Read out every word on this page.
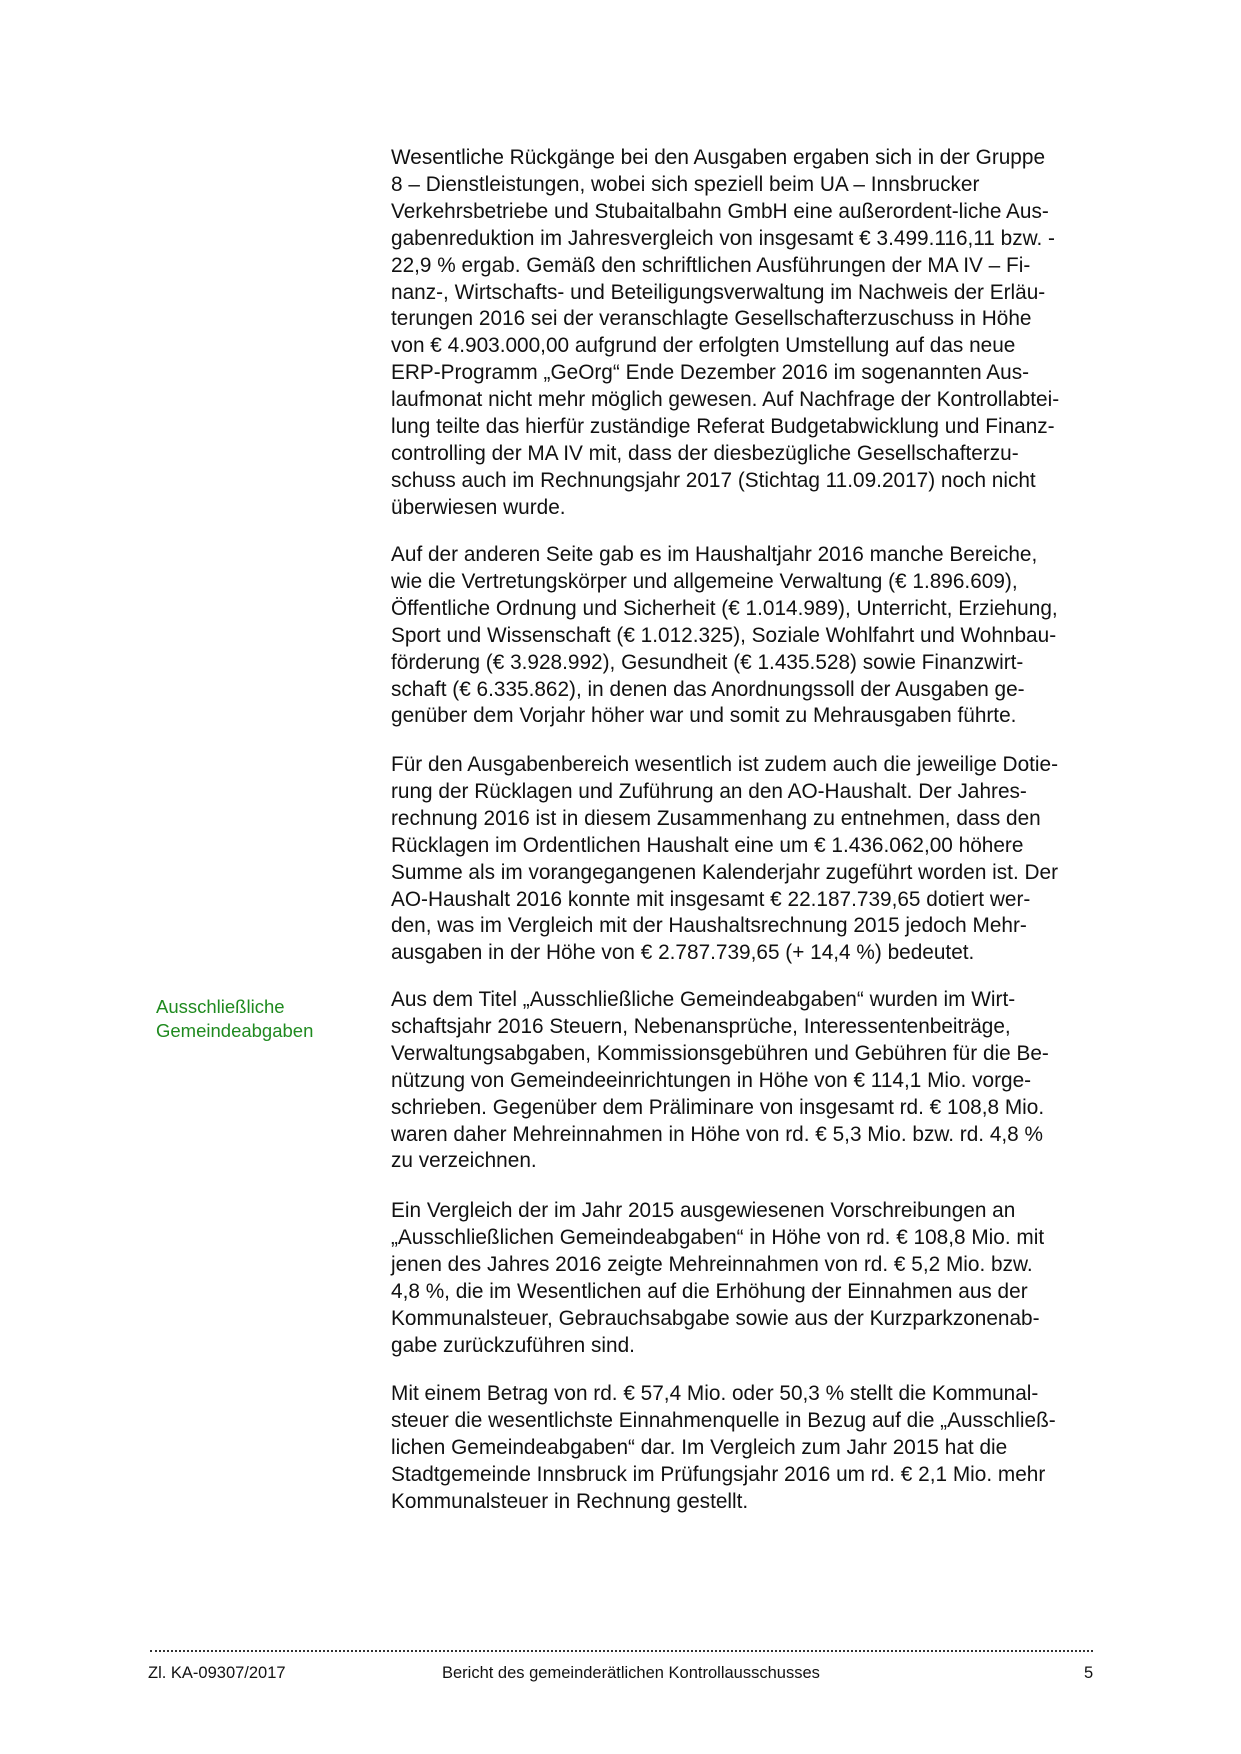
Wesentliche Rückgänge bei den Ausgaben ergaben sich in der Gruppe
8 – Dienstleistungen, wobei sich speziell beim UA – Innsbrucker
Verkehrsbetriebe und Stubaitalbahn GmbH eine außerordent-liche Aus-
gabenreduktion im Jahresvergleich von insgesamt € 3.499.116,11 bzw. -
22,9 % ergab. Gemäß den schriftlichen Ausführungen der MA IV – Fi-
nanz-, Wirtschafts- und Beteiligungsverwaltung im Nachweis der Erläu-
terungen 2016 sei der veranschlagte Gesellschafterzuschuss in Höhe
von € 4.903.000,00 aufgrund der erfolgten Umstellung auf das neue
ERP-Programm „GeOrg“ Ende Dezember 2016 im sogenannten Aus-
laufmonat nicht mehr möglich gewesen. Auf Nachfrage der Kontrollabtei-
lung teilte das hierfür zuständige Referat Budgetabwicklung und Finanz-
controlling der MA IV mit, dass der diesbezügliche Gesellschafterzu-
schuss auch im Rechnungsjahr 2017 (Stichtag 11.09.2017) noch nicht
überwiesen wurde.

Auf der anderen Seite gab es im Haushaltjahr 2016 manche Bereiche,
wie die Vertretungskörper und allgemeine Verwaltung (€ 1.896.609),
Öffentliche Ordnung und Sicherheit (€ 1.014.989), Unterricht, Erziehung,
Sport und Wissenschaft (€ 1.012.325), Soziale Wohlfahrt und Wohnbau-
förderung (€ 3.928.992), Gesundheit (€ 1.435.528) sowie Finanzwirt-
schaft (€ 6.335.862), in denen das Anordnungssoll der Ausgaben ge-
genüber dem Vorjahr höher war und somit zu Mehrausgaben führte.

Für den Ausgabenbereich wesentlich ist zudem auch die jeweilige Dotie-
rung der Rücklagen und Zuführung an den AO-Haushalt. Der Jahres-
rechnung 2016 ist in diesem Zusammenhang zu entnehmen, dass den
Rücklagen im Ordentlichen Haushalt eine um € 1.436.062,00 höhere
Summe als im vorangegangenen Kalenderjahr zugeführt worden ist. Der
AO-Haushalt 2016 konnte mit insgesamt € 22.187.739,65 dotiert wer-
den, was im Vergleich mit der Haushaltsrechnung 2015 jedoch Mehr-
ausgaben in der Höhe von € 2.787.739,65 (+ 14,4 %) bedeutet.

Ausschließliche
Gemeindeabgaben

Aus dem Titel „Ausschließliche Gemeindeabgaben“ wurden im Wirt-
schaftsjahr 2016 Steuern, Nebenansprüche, Interessentenbeiträge,
Verwaltungsabgaben, Kommissionsgebühren und Gebühren für die Be-
nützung von Gemeindeeinrichtungen in Höhe von € 114,1 Mio. vorge-
schrieben. Gegenüber dem Präliminare von insgesamt rd. € 108,8 Mio.
waren daher Mehreinnahmen in Höhe von rd. € 5,3 Mio. bzw. rd. 4,8 %
zu verzeichnen.

Ein Vergleich der im Jahr 2015 ausgewiesenen Vorschreibungen an
„Ausschließlichen Gemeindeabgaben“ in Höhe von rd. € 108,8 Mio. mit
jenen des Jahres 2016 zeigte Mehreinnahmen von rd. € 5,2 Mio. bzw.
4,8 %, die im Wesentlichen auf die Erhöhung der Einnahmen aus der
Kommunalsteuer, Gebrauchsabgabe sowie aus der Kurzparkzonenab-
gabe zurückzuführen sind.

Mit einem Betrag von rd. € 57,4 Mio. oder 50,3 % stellt die Kommunal-
steuer die wesentlichste Einnahmenquelle in Bezug auf die „Ausschließ-
lichen Gemeindeabgaben“ dar. Im Vergleich zum Jahr 2015 hat die
Stadtgemeinde Innsbruck im Prüfungsjahr 2016 um rd. € 2,1 Mio. mehr
Kommunalsteuer in Rechnung gestellt.

Zl. KA-09307/2017	Bericht des gemeinderätlichen Kontrollausschusses	5
